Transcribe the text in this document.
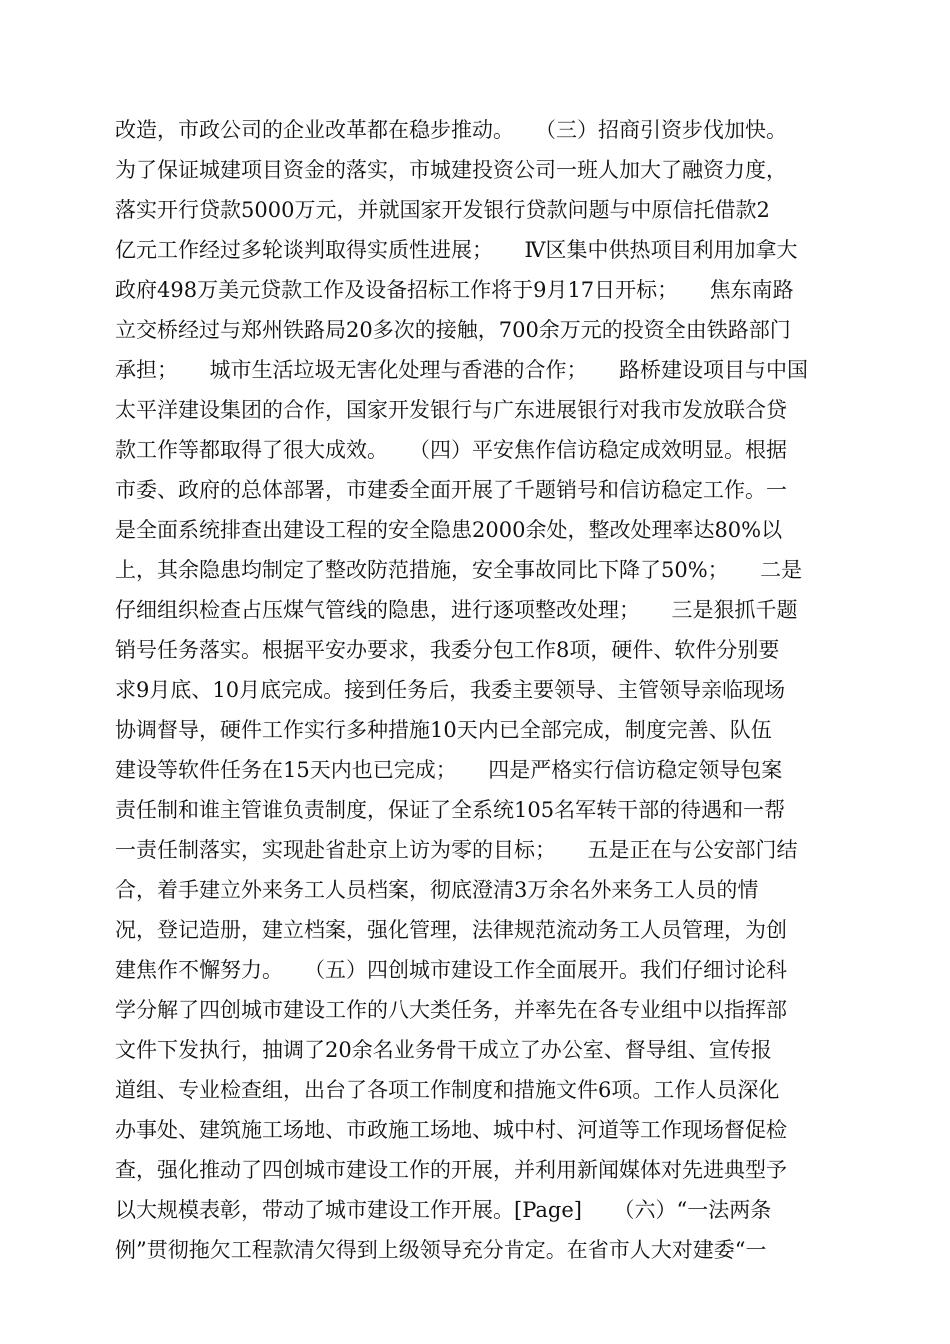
改造，市政公司的企业改革都在稳步推动。　　（三）招商引资步伐加快。
为了保证城建项目资金的落实，市城建投资公司一班人加大了融资力度，
落实开行贷款5000万元，并就国家开发银行贷款问题与中原信托借款2
亿元工作经过多轮谈判取得实质性进展；　　Ⅳ区集中供热项目利用加拿大
政府498万美元贷款工作及设备招标工作将于9月17日开标；　　焦东南路
立交桥经过与郑州铁路局20多次的接触，700余万元的投资全由铁路部门
承担；　　城市生活垃圾无害化处理与香港的合作；　　路桥建设项目与中国
太平洋建设集团的合作，国家开发银行与广东进展银行对我市发放联合贷
款工作等都取得了很大成效。　　（四）平安焦作信访稳定成效明显。根据
市委、政府的总体部署，市建委全面开展了千题销号和信访稳定工作。一
是全面系统排查出建设工程的安全隐患2000余处，整改处理率达80%以
上，其余隐患均制定了整改防范措施，安全事故同比下降了50%；　　二是
仔细组织检查占压煤气管线的隐患，进行逐项整改处理；　　三是狠抓千题
销号任务落实。根据平安办要求，我委分包工作8项，硬件、软件分别要
求9月底、10月底完成。接到任务后，我委主要领导、主管领导亲临现场
协调督导，硬件工作实行多种措施10天内已全部完成，制度完善、队伍
建设等软件任务在15天内也已完成；　　四是严格实行信访稳定领导包案
责任制和谁主管谁负责制度，保证了全系统105名军转干部的待遇和一帮
一责任制落实，实现赴省赴京上访为零的目标；　　五是正在与公安部门结
合，着手建立外来务工人员档案，彻底澄清3万余名外来务工人员的情
况，登记造册，建立档案，强化管理，法律规范流动务工人员管理，为创
建焦作不懈努力。　　（五）四创城市建设工作全面展开。我们仔细讨论科
学分解了四创城市建设工作的八大类任务，并率先在各专业组中以指挥部
文件下发执行，抽调了20余名业务骨干成立了办公室、督导组、宣传报
道组、专业检查组，出台了各项工作制度和措施文件6项。工作人员深化
办事处、建筑施工场地、市政施工场地、城中村、河道等工作现场督促检
查，强化推动了四创城市建设工作的开展，并利用新闻媒体对先进典型予
以大规模表彰，带动了城市建设工作开展。[Page]　　（六）“一法两条
例”贯彻拖欠工程款清欠得到上级领导充分肯定。在省市人大对建委“一
